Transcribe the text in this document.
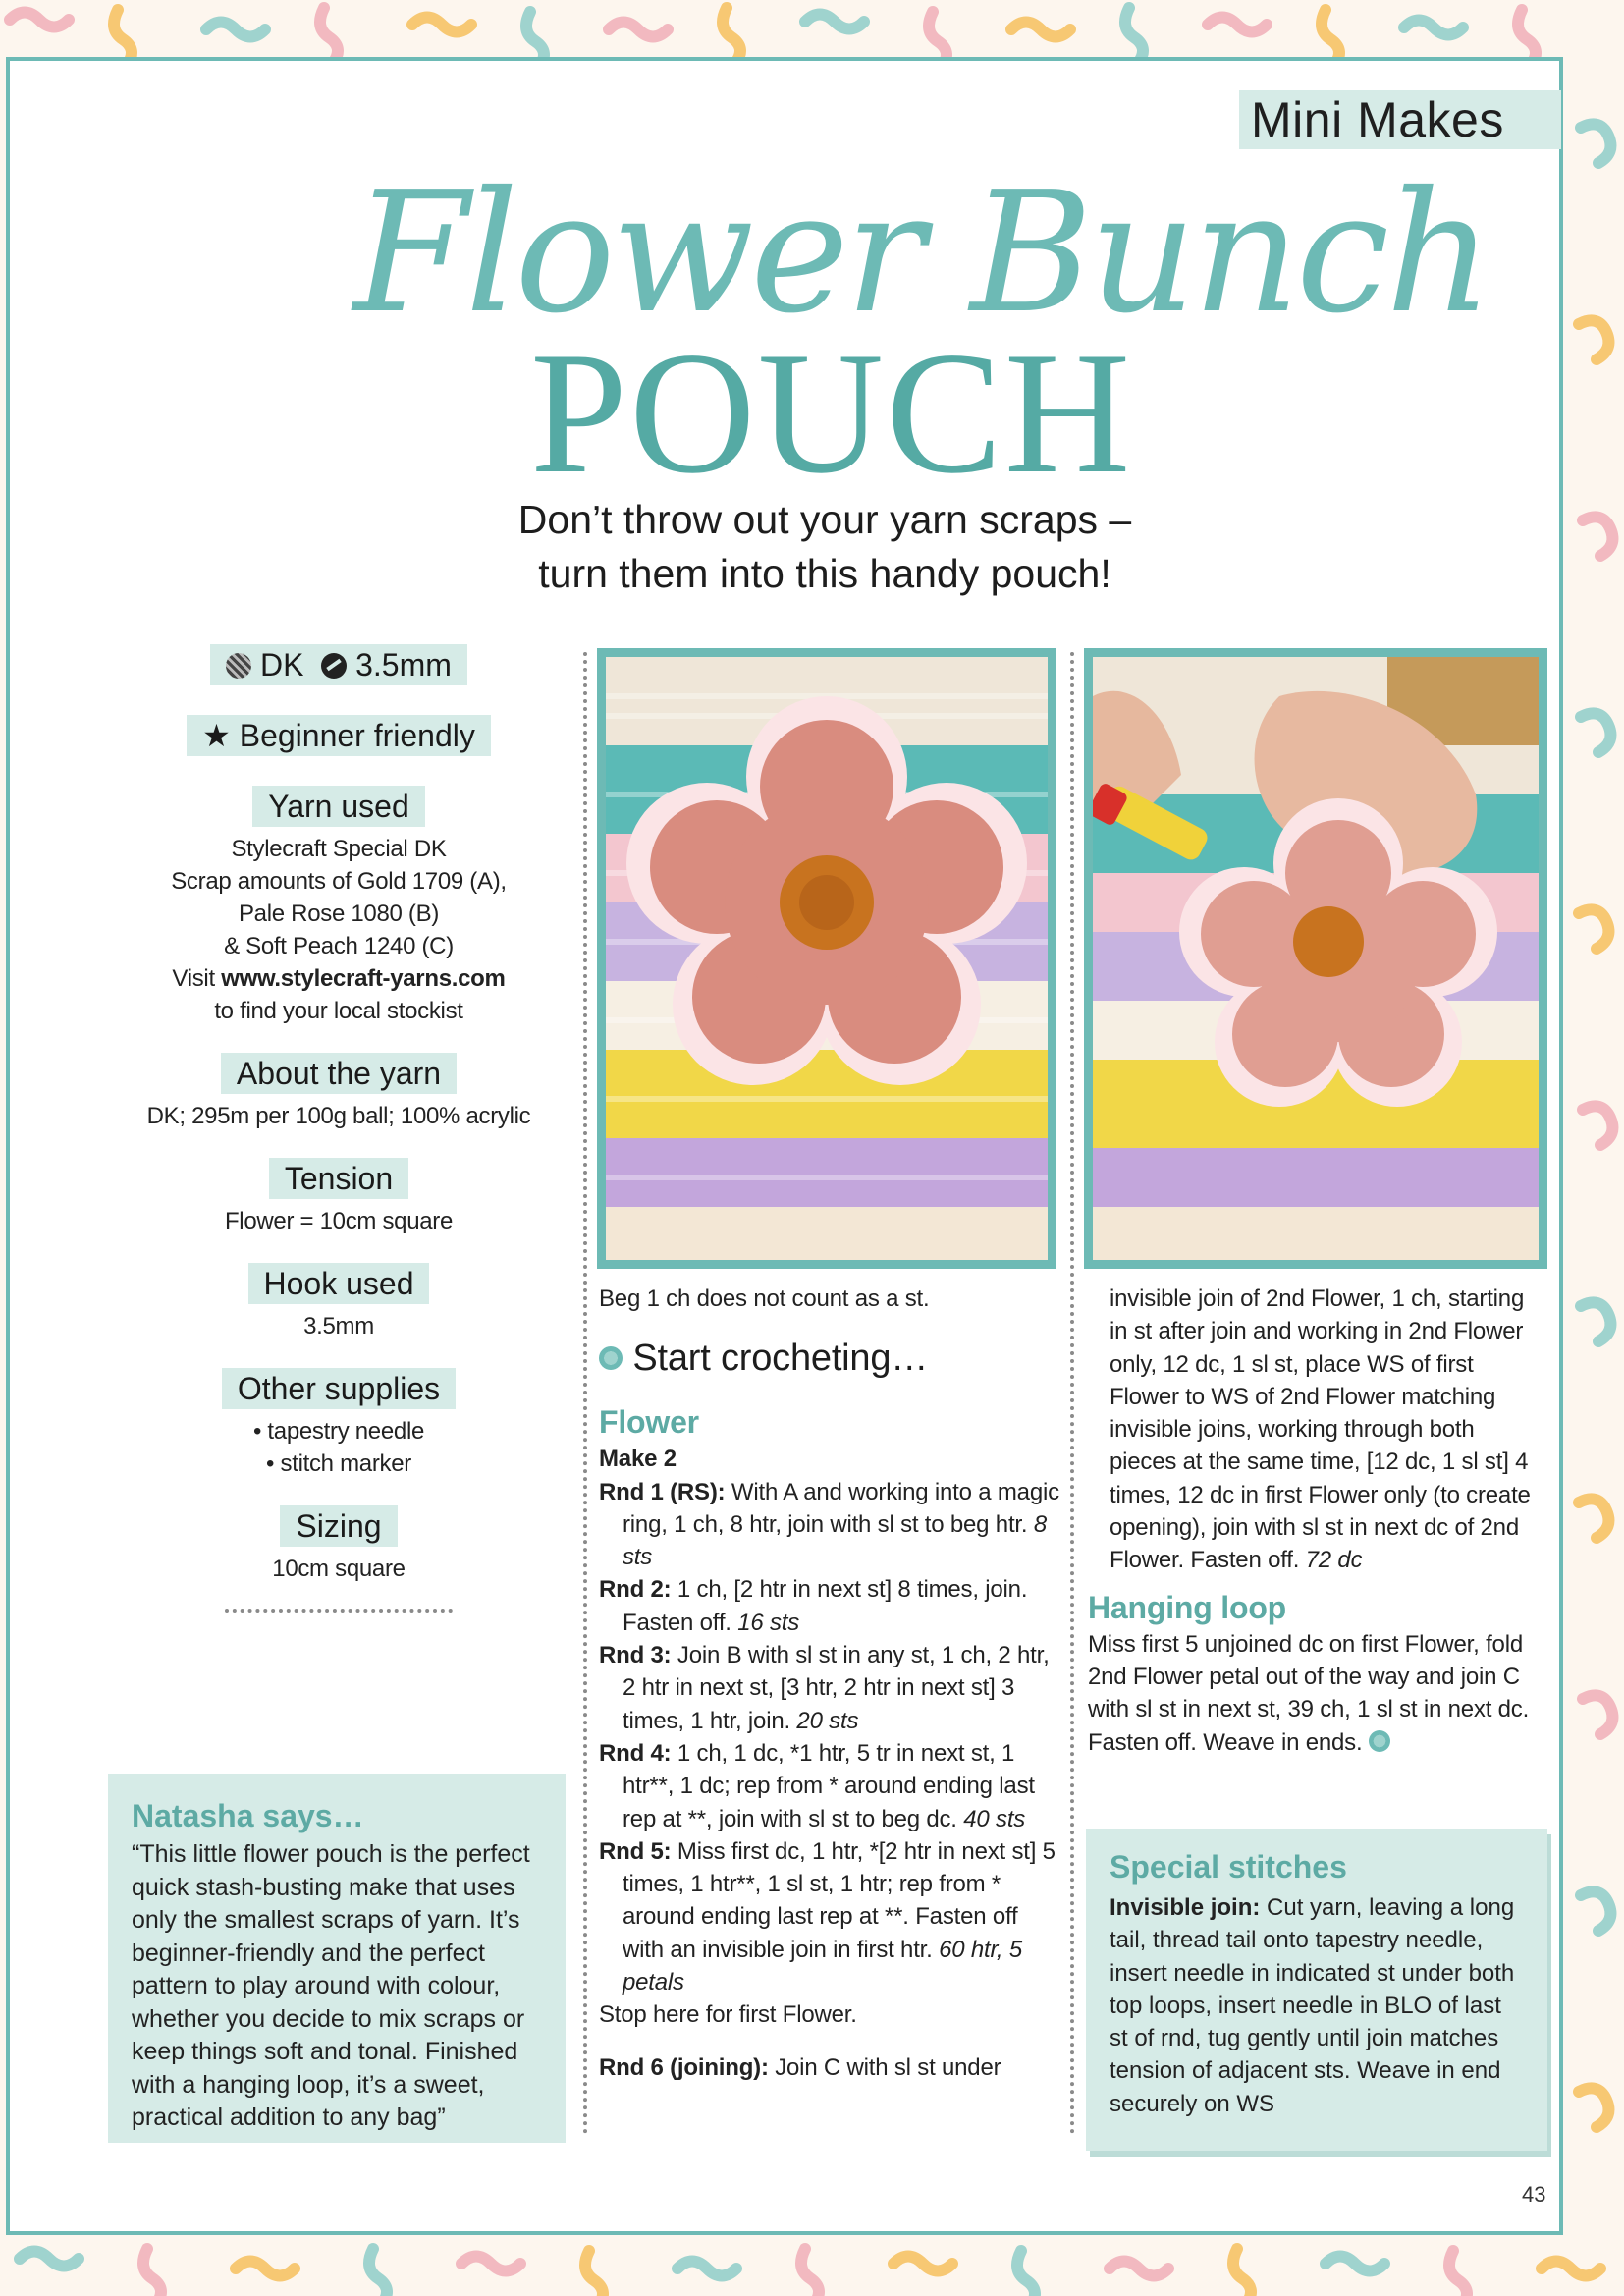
Mini Makes
Flower Bunch
POUCH
Don’t throw out your yarn scraps –
turn them into this handy pouch!
DK 3.5mm
★ Beginner friendly
Yarn used

Stylecraft Special DK
Scrap amounts of Gold 1709 (A),
Pale Rose 1080 (B)
& Soft Peach 1240 (C)
Visit www.stylecraft-yarns.com
to find your local stockist

About the yarn

DK; 295m per 100g ball; 100% acrylic

Tension

Flower = 10cm square

Hook used

3.5mm

Other supplies

• tapestry needle
• stitch marker

Sizing

10cm square

Natasha says…

“This little flower pouch is the perfect quick stash-busting make that uses only the smallest scraps of yarn. It’s beginner-friendly and the perfect pattern to play around with colour, whether you decide to mix scraps or keep things soft and tonal. Finished with a hanging loop, it’s a sweet, practical addition to any bag”

Beg 1 ch does not count as a st.

Start crocheting…

Flower

Make 2

Rnd 1 (RS): With A and working into a magic ring, 1 ch, 8 htr, join with sl st to beg htr. 8 sts

Rnd 2: 1 ch, [2 htr in next st] 8 times, join. Fasten off. 16 sts

Rnd 3: Join B with sl st in any st, 1 ch, 2 htr, 2 htr in next st, [3 htr, 2 htr in next st] 3 times, 1 htr, join. 20 sts

Rnd 4: 1 ch, 1 dc, *1 htr, 5 tr in next st, 1 htr**, 1 dc; rep from * around ending last rep at **, join with sl st to beg dc. 40 sts

Rnd 5: Miss first dc, 1 htr, *[2 htr in next st] 5 times, 1 htr**, 1 sl st, 1 htr; rep from * around ending last rep at **. Fasten off with an invisible join in first htr. 60 htr, 5 petals

Stop here for first Flower.

Rnd 6 (joining): Join C with sl st under

invisible join of 2nd Flower, 1 ch, starting in st after join and working in 2nd Flower only, 12 dc, 1 sl st, place WS of first Flower to WS of 2nd Flower matching invisible joins, working through both pieces at the same time, [12 dc, 1 sl st] 4 times, 12 dc in first Flower only (to create opening), join with sl st in next dc of 2nd Flower. Fasten off. 72 dc

Hanging loop

Miss first 5 unjoined dc on first Flower, fold 2nd Flower petal out of the way and join C with sl st in next st, 39 ch, 1 sl st in next dc. Fasten off. Weave in ends.

Special stitches

Invisible join: Cut yarn, leaving a long tail, thread tail onto tapestry needle, insert needle in indicated st under both top loops, insert needle in BLO of last st of rnd, tug gently until join matches tension of adjacent sts. Weave in end securely on WS

43
